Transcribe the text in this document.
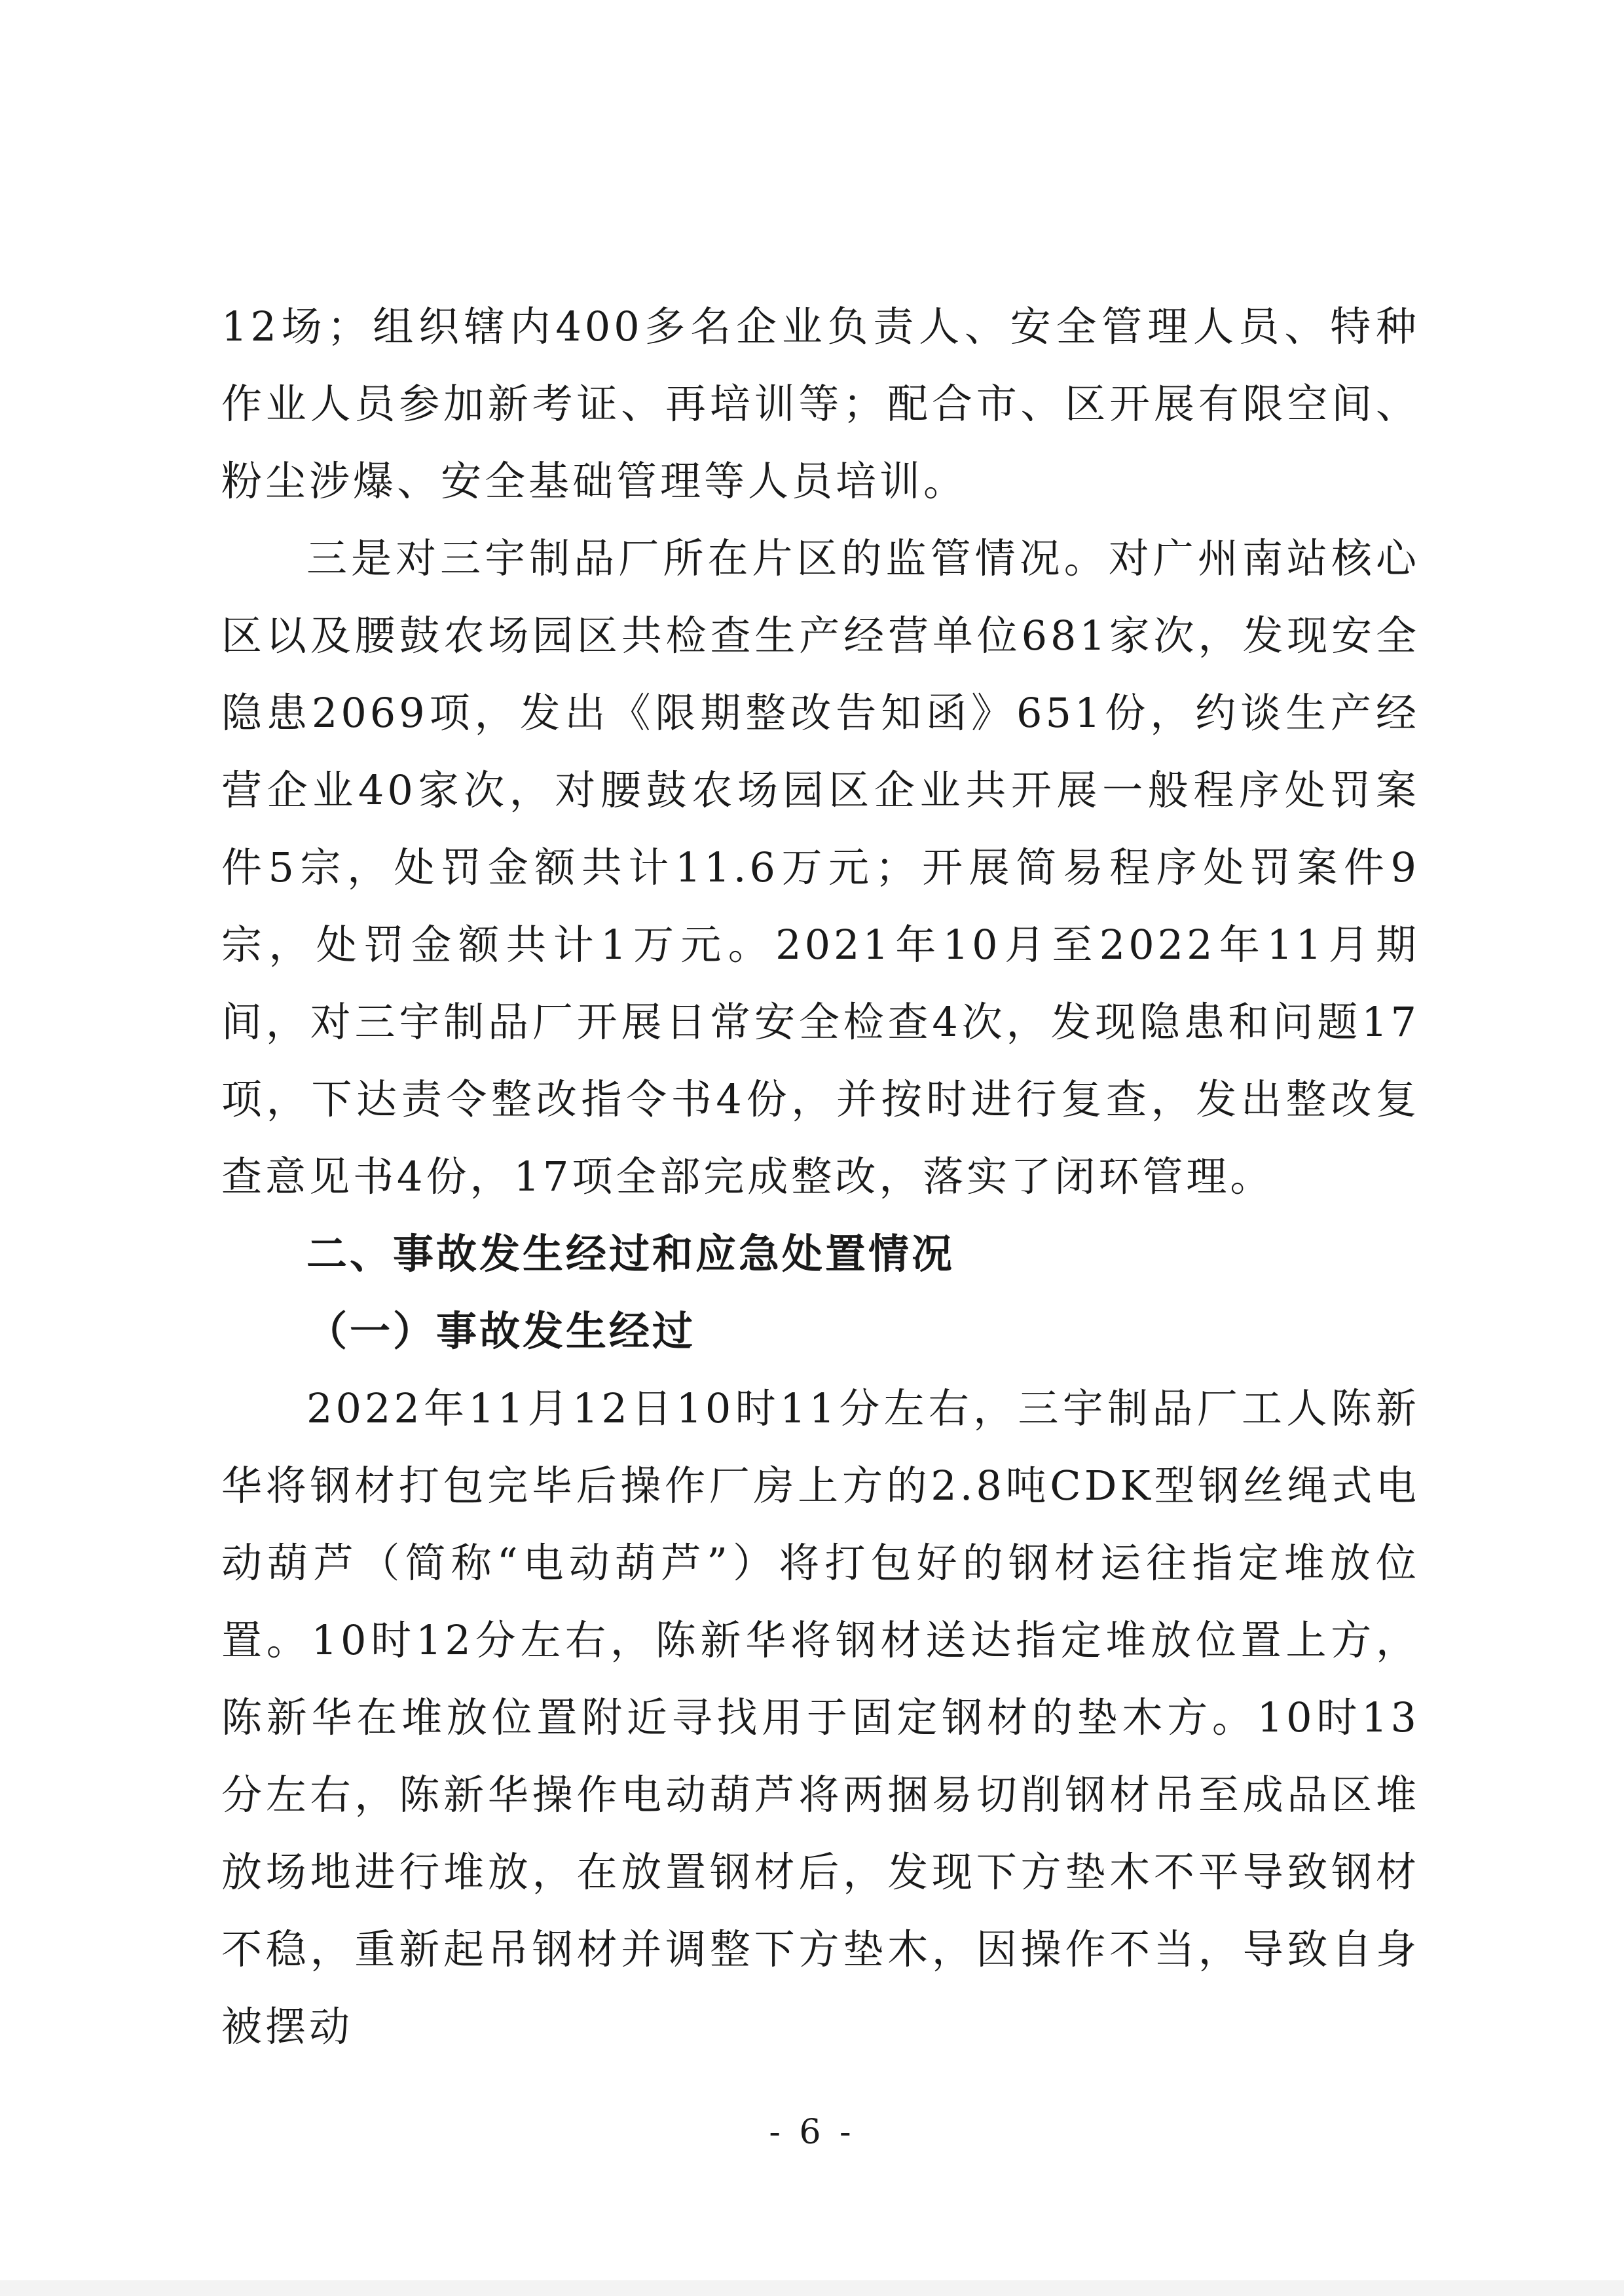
12场；组织辖内400多名企业负责人、安全管理人员、特种作业人员参加新考证、再培训等；配合市、区开展有限空间、粉尘涉爆、安全基础管理等人员培训。

三是对三宇制品厂所在片区的监管情况。对广州南站核心区以及腰鼓农场园区共检查生产经营单位681家次，发现安全隐患2069项，发出《限期整改告知函》651份，约谈生产经营企业40家次，对腰鼓农场园区企业共开展一般程序处罚案件5宗，处罚金额共计11.6万元；开展简易程序处罚案件9宗，处罚金额共计1万元。2021年10月至2022年11月期间，对三宇制品厂开展日常安全检查4次，发现隐患和问题17项，下达责令整改指令书4份，并按时进行复查，发出整改复查意见书4份，17项全部完成整改，落实了闭环管理。

二、事故发生经过和应急处置情况

（一）事故发生经过

2022年11月12日10时11分左右，三宇制品厂工人陈新华将钢材打包完毕后操作厂房上方的2.8吨CDK型钢丝绳式电动葫芦（简称“电动葫芦”）将打包好的钢材运往指定堆放位置。10时12分左右，陈新华将钢材送达指定堆放位置上方，陈新华在堆放位置附近寻找用于固定钢材的垫木方。10时13分左右，陈新华操作电动葫芦将两捆易切削钢材吊至成品区堆放场地进行堆放，在放置钢材后，发现下方垫木不平导致钢材不稳，重新起吊钢材并调整下方垫木，因操作不当，导致自身被摆动

- 6 -
